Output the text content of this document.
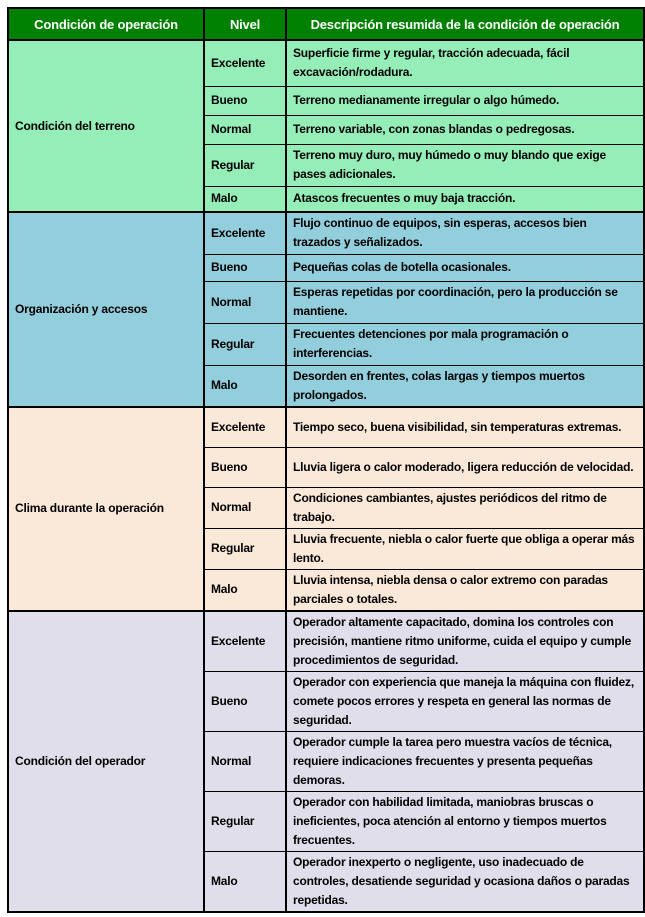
Condición de operación	Nivel	Descripción resumida de la condición de operación
Condición del terreno	Excelente	Superficie firme y regular, tracción adecuada, fácil excavación/rodadura.
	Bueno	Terreno medianamente irregular o algo húmedo.
	Normal	Terreno variable, con zonas blandas o pedregosas.
	Regular	Terreno muy duro, muy húmedo o muy blando que exige pases adicionales.
	Malo	Atascos frecuentes o muy baja tracción.
Organización y accesos	Excelente	Flujo continuo de equipos, sin esperas, accesos bien trazados y señalizados.
	Bueno	Pequeñas colas de botella ocasionales.
	Normal	Esperas repetidas por coordinación, pero la producción se mantiene.
	Regular	Frecuentes detenciones por mala programación o interferencias.
	Malo	Desorden en frentes, colas largas y tiempos muertos prolongados.
Clima durante la operación	Excelente	Tiempo seco, buena visibilidad, sin temperaturas extremas.
	Bueno	Lluvia ligera o calor moderado, ligera reducción de velocidad.
	Normal	Condiciones cambiantes, ajustes periódicos del ritmo de trabajo.
	Regular	Lluvia frecuente, niebla o calor fuerte que obliga a operar más lento.
	Malo	Lluvia intensa, niebla densa o calor extremo con paradas parciales o totales.
Condición del operador	Excelente	Operador altamente capacitado, domina los controles con precisión, mantiene ritmo uniforme, cuida el equipo y cumple procedimientos de seguridad.
	Bueno	Operador con experiencia que maneja la máquina con fluidez, comete pocos errores y respeta en general las normas de seguridad.
	Normal	Operador cumple la tarea pero muestra vacíos de técnica, requiere indicaciones frecuentes y presenta pequeñas demoras.
	Regular	Operador con habilidad limitada, maniobras bruscas o ineficientes, poca atención al entorno y tiempos muertos frecuentes.
	Malo	Operador inexperto o negligente, uso inadecuado de controles, desatiende seguridad y ocasiona daños o paradas repetidas.
